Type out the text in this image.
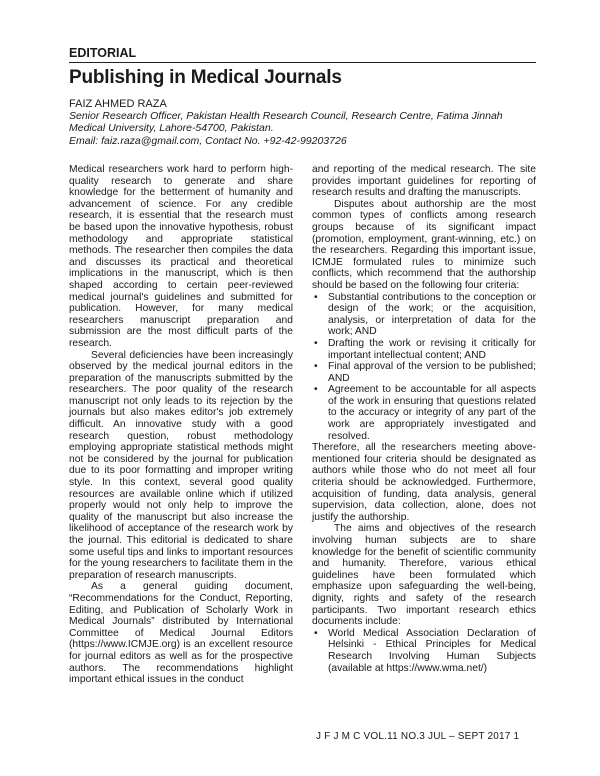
EDITORIAL
Publishing in Medical Journals
FAIZ AHMED RAZA
Senior Research Officer, Pakistan Health Research Council, Research Centre, Fatima Jinnah Medical University, Lahore-54700, Pakistan.
Email: faiz.raza@gmail.com, Contact No. +92-42-99203726

Medical researchers work hard to perform high-quality research to generate and share knowledge for the betterment of humanity and advancement of science. For any credible research, it is essential that the research must be based upon the innovative hypothesis, robust methodology and appropriate statistical methods. The researcher then compiles the data and discusses its practical and theoretical implications in the manuscript, which is then shaped according to certain peer-reviewed medical journal's guidelines and submitted for publication. However, for many medical researchers manuscript preparation and submission are the most difficult parts of the research.

Several deficiencies have been increasingly observed by the medical journal editors in the preparation of the manuscripts submitted by the researchers. The poor quality of the research manuscript not only leads to its rejection by the journals but also makes editor's job extremely difficult. An innovative study with a good research question, robust methodology employing appropriate statistical methods might not be considered by the journal for publication due to its poor formatting and improper writing style. In this context, several good quality resources are available online which if utilized properly would not only help to improve the quality of the manuscript but also increase the likelihood of acceptance of the research work by the journal. This editorial is dedicated to share some useful tips and links to important resources for the young researchers to facilitate them in the preparation of research manuscripts.

As a general guiding document, “Recommendations for the Conduct, Reporting, Editing, and Publication of Scholarly Work in Medical Journals” distributed by International Committee of Medical Journal Editors (https://www.ICMJE.org) is an excellent resource for journal editors as well as for the prospective authors. The recommendations highlight important ethical issues in the conduct

and reporting of the medical research. The site provides important guidelines for reporting of research results and drafting the manuscripts.

Disputes about authorship are the most common types of conflicts among research groups because of its significant impact (promotion, employment, grant-winning, etc.) on the researchers. Regarding this important issue, ICMJE formulated rules to minimize such conflicts, which recommend that the authorship should be based on the following four criteria:

• Substantial contributions to the conception or design of the work; or the acquisition, analysis, or interpretation of data for the work; AND
• Drafting the work or revising it critically for important intellectual content; AND
• Final approval of the version to be published; AND
• Agreement to be accountable for all aspects of the work in ensuring that questions related to the accuracy or integrity of any part of the work are appropriately investigated and resolved.

Therefore, all the researchers meeting above-mentioned four criteria should be designated as authors while those who do not meet all four criteria should be acknowledged. Furthermore, acquisition of funding, data analysis, general supervision, data collection, alone, does not justify the authorship.

The aims and objectives of the research involving human subjects are to share knowledge for the benefit of scientific community and humanity. Therefore, various ethical guidelines have been formulated which emphasize upon safeguarding the well-being, dignity, rights and safety of the research participants. Two important research ethics documents include:

• World Medical Association Declaration of Helsinki - Ethical Principles for Medical Research Involving Human Subjects (available at https://www.wma.net/)
J F J M C VOL.11 NO.3 JUL – SEPT 2017 1
